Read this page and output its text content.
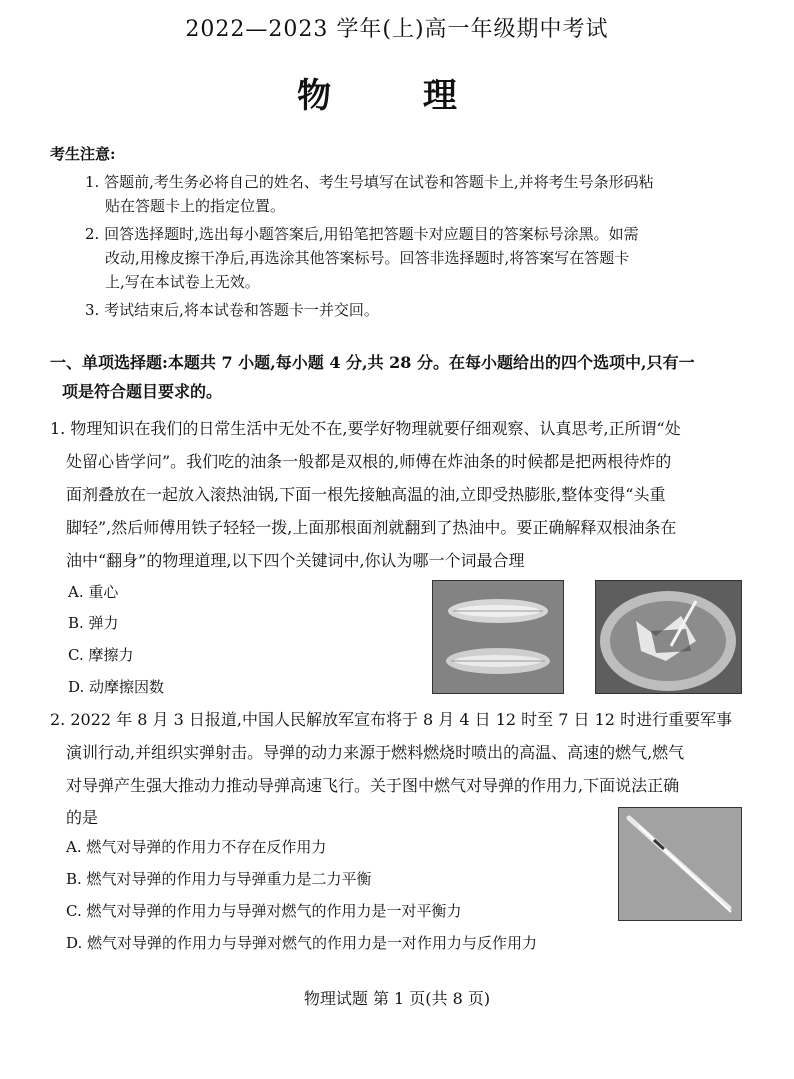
2022—2023 学年(上)高一年级期中考试
物 理
考生注意:
1. 答题前,考生务必将自己的姓名、考生号填写在试卷和答题卡上,并将考生号条形码粘
贴在答题卡上的指定位置。
2. 回答选择题时,选出每小题答案后,用铅笔把答题卡对应题目的答案标号涂黑。如需
改动,用橡皮擦干净后,再选涂其他答案标号。回答非选择题时,将答案写在答题卡
上,写在本试卷上无效。
3. 考试结束后,将本试卷和答题卡一并交回。
一、单项选择题:本题共 7 小题,每小题 4 分,共 28 分。在每小题给出的四个选项中,只有一
项是符合题目要求的。
1. 物理知识在我们的日常生活中无处不在,要学好物理就要仔细观察、认真思考,正所谓“处
处留心皆学问”。我们吃的油条一般都是双根的,师傅在炸油条的时候都是把两根待炸的
面剂叠放在一起放入滚热油锅,下面一根先接触高温的油,立即受热膨胀,整体变得“头重
脚轻”,然后师傅用铁子轻轻一拨,上面那根面剂就翻到了热油中。要正确解释双根油条在
油中“翻身”的物理道理,以下四个关键词中,你认为哪一个词最合理
A. 重心
B. 弹力
C. 摩擦力
D. 动摩擦因数
2. 2022 年 8 月 3 日报道,中国人民解放军宣布将于 8 月 4 日 12 时至 7 日 12 时进行重要军事
演训行动,并组织实弹射击。导弹的动力来源于燃料燃烧时喷出的高温、高速的燃气,燃气
对导弹产生强大推动力推动导弹高速飞行。关于图中燃气对导弹的作用力,下面说法正确
的是
A. 燃气对导弹的作用力不存在反作用力
B. 燃气对导弹的作用力与导弹重力是二力平衡
C. 燃气对导弹的作用力与导弹对燃气的作用力是一对平衡力
D. 燃气对导弹的作用力与导弹对燃气的作用力是一对作用力与反作用力
物理试题 第 1 页(共 8 页)
